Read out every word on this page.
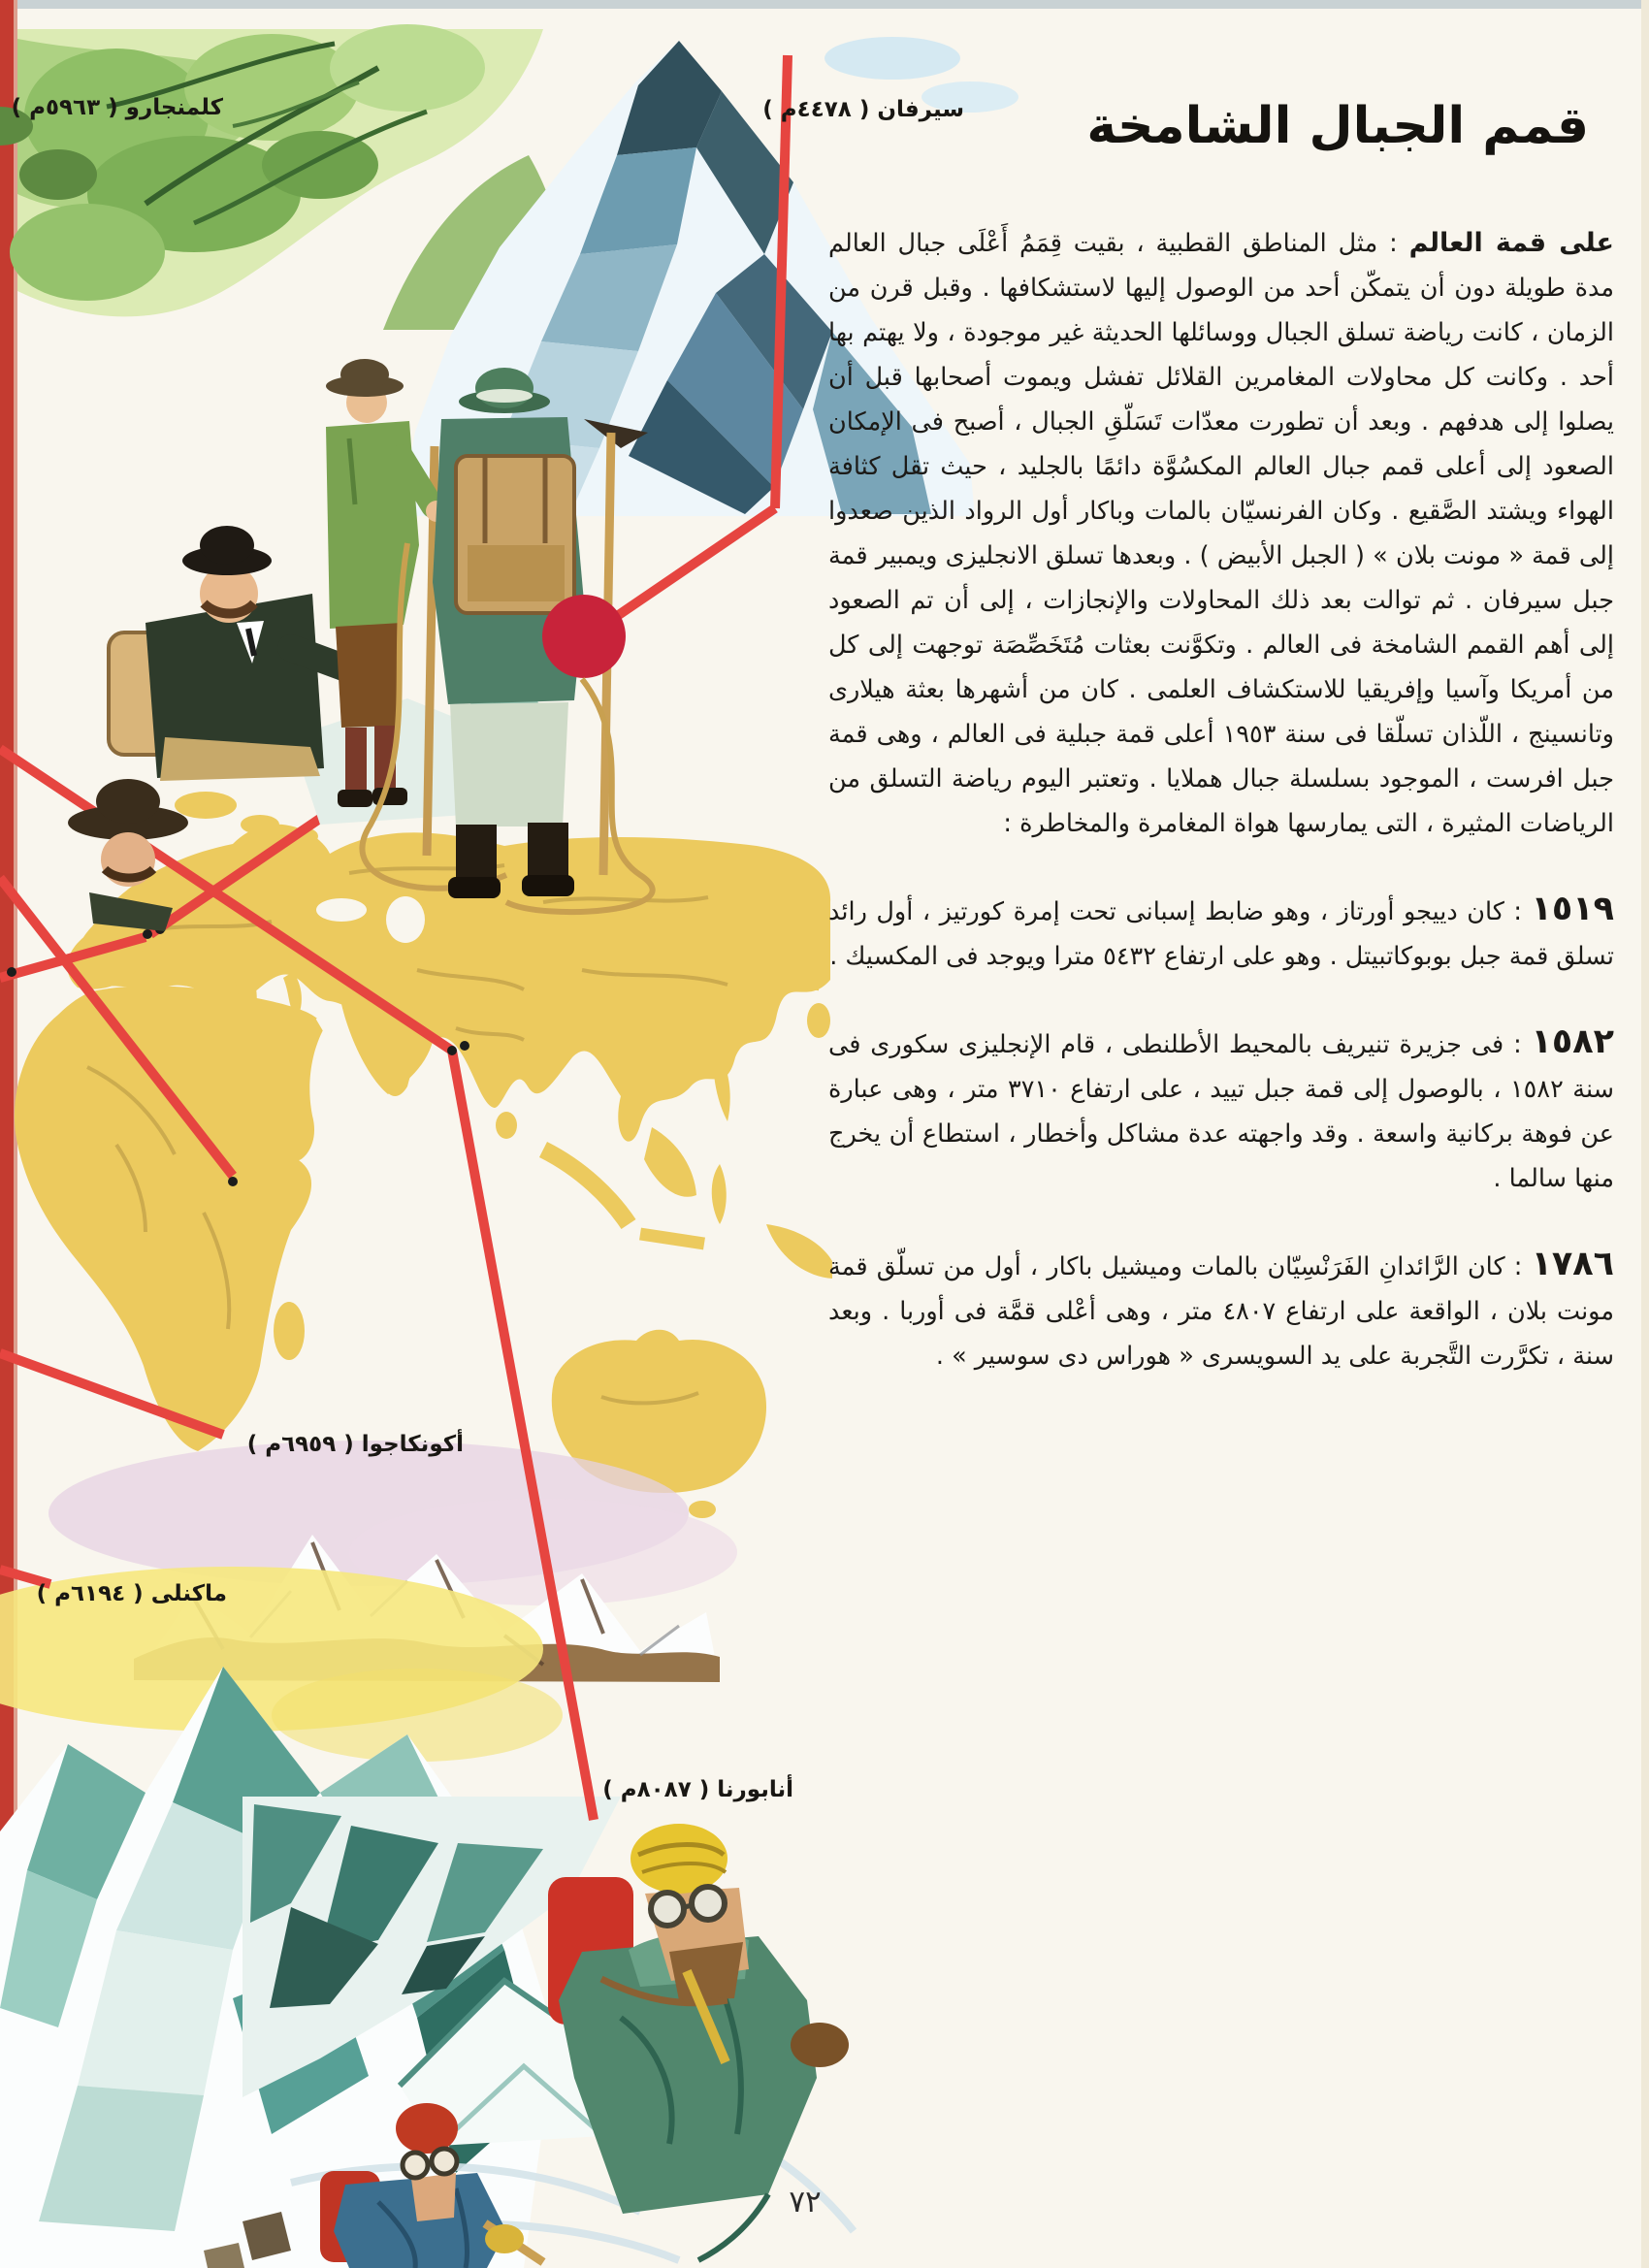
كلمنجارو ( ٥٩٦٣م )	سيرفان ( ٤٤٧٨م )
أكونكاجوا ( ٦٩٥٩م )
ماكنلى ( ٦١٩٤م )
أنابورنا ( ٨٠٨٧م )
قمم الجبال الشامخة

على قمة العالم : مثل المناطق القطبية ، بقيت قِمَمُ أَعْلَى جبال العالم مدة طويلة دون أن يتمكّن أحد من الوصول إليها لاستشكافها . وقبل قرن من الزمان ، كانت رياضة تسلق الجبال ووسائلها الحديثة غير موجودة ، ولا يهتم بها أحد . وكانت كل محاولات المغامرين القلائل تفشل ويموت أصحابها قبل أن يصلوا إلى هدفهم . وبعد أن تطورت معدّات تَسَلّقِ الجبال ، أصبح فى الإمكان الصعود إلى أعلى قمم جبال العالم المكسُوَّة دائمًا بالجليد ، حيث تقل كثافة الهواء ويشتد الصَّقيع . وكان الفرنسيّان بالمات وباكار أول الرواد الذين صعدوا إلى قمة « مونت بلان » ( الجبل الأبيض ) . وبعدها تسلق الانجليزى ويمبير قمة جبل سيرفان . ثم توالت بعد ذلك المحاولات والإنجازات ، إلى أن تم الصعود إلى أهم القمم الشامخة فى العالم . وتكوَّنت بعثات مُتَخَصِّصَة توجهت إلى كل من أمريكا وآسيا وإفريقيا للاستكشاف العلمى . كان من أشهرها بعثة هيلارى وتانسينج ، اللّذان تسلّقا فى سنة ١٩٥٣ أعلى قمة جبلية فى العالم ، وهى قمة جبل افرست ، الموجود بسلسلة جبال هملايا . وتعتبر اليوم رياضة التسلق من الرياضات المثيرة ، التى يمارسها هواة المغامرة والمخاطرة :

١٥١٩ : كان دييجو أورتاز ، وهو ضابط إسبانى تحت إمرة كورتيز ، أول رائد تسلق قمة جبل بوبوكاتبيتل . وهو على ارتفاع ٥٤٣٢ مترا ويوجد فى المكسيك .

١٥٨٢ : فى جزيرة تنيريف بالمحيط الأطلنطى ، قام الإنجليزى سكورى فى سنة ١٥٨٢ ، بالوصول إلى قمة جبل تييد ، على ارتفاع ٣٧١٠ متر ، وهى عبارة عن فوهة بركانية واسعة . وقد واجهته عدة مشاكل وأخطار ، استطاع أن يخرج منها سالما .

١٧٨٦ : كان الرَّائدانِ الفَرَنْسِيّان بالمات وميشيل باكار ، أول من تسلّق قمة مونت بلان ، الواقعة على ارتفاع ٤٨٠٧ متر ، وهى أعْلى قمَّة فى أوربا . وبعد سنة ، تكرَّرت التَّجربة على يد السويسرى « هوراس دى سوسير » .

٧٢
